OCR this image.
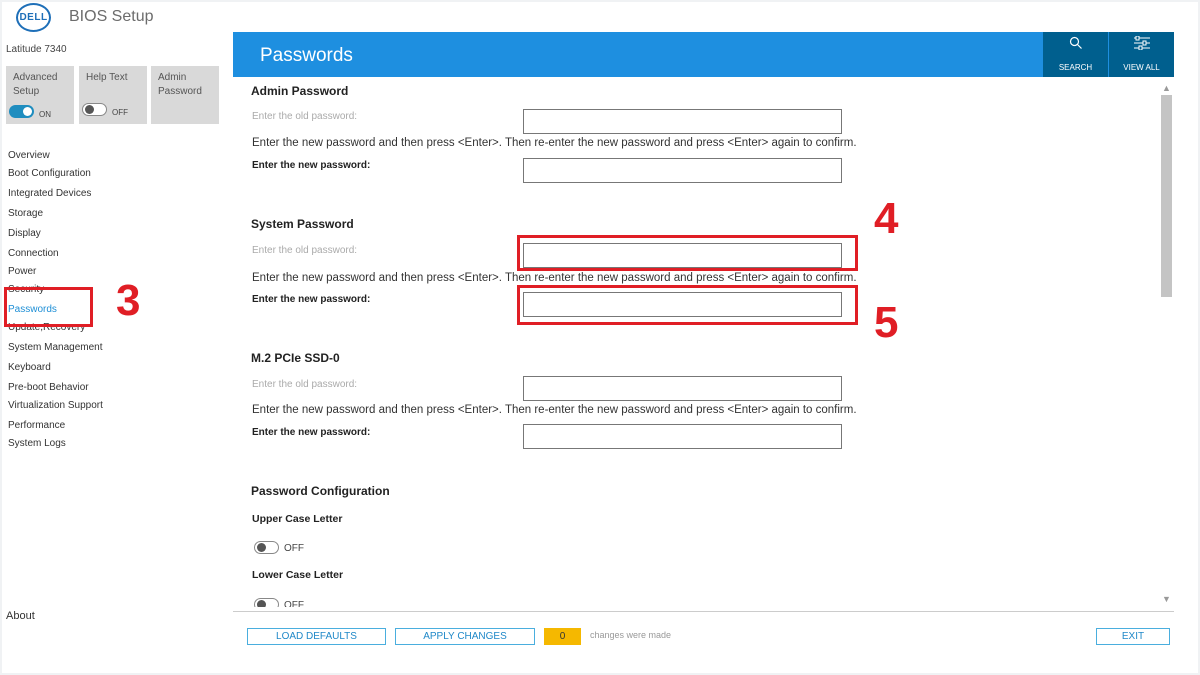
DELL BIOS Setup
Latitude 7340
Advanced
Setup
ON
Help Text
OFF
Admin
Password
Overview
Boot Configuration
Integrated Devices
Storage
Display
Connection
Power
Security
Passwords
Update,Recovery
System Management
Keyboard
Pre-boot Behavior
Virtualization Support
Performance
System Logs
About
3
Passwords
SEARCH	VIEW ALL
Admin Password
Enter the old password:
Enter the new password and then press <Enter>. Then re-enter the new password and press <Enter> again to confirm.
Enter the new password:
System Password
Enter the old password:
Enter the new password and then press <Enter>. Then re-enter the new password and press <Enter> again to confirm.
Enter the new password:
4
5
M.2 PCIe SSD-0
Enter the old password:
Enter the new password and then press <Enter>. Then re-enter the new password and press <Enter> again to confirm.
Enter the new password:
Password Configuration
Upper Case Letter
OFF
Lower Case Letter
OFF
▲
▼
LOAD DEFAULTS	APPLY CHANGES	0	changes were made	EXIT
